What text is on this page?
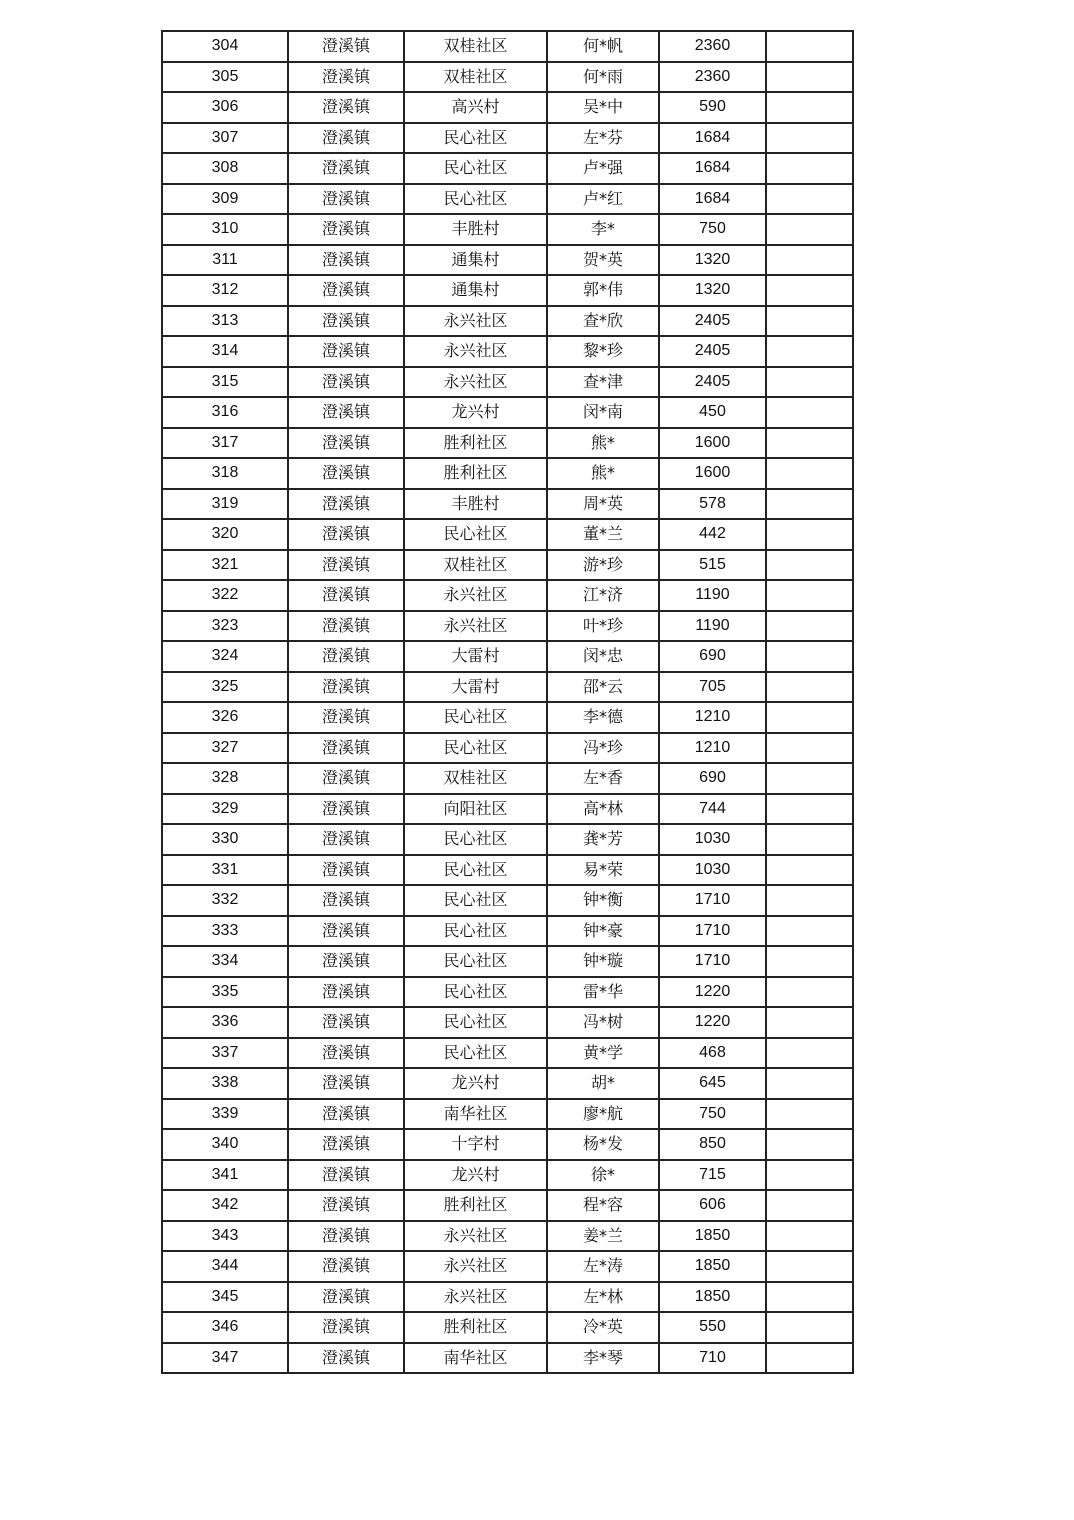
304	澄溪镇	双桂社区	何*帆	2360	
305	澄溪镇	双桂社区	何*雨	2360	
306	澄溪镇	高兴村	吴*中	590	
307	澄溪镇	民心社区	左*芬	1684	
308	澄溪镇	民心社区	卢*强	1684	
309	澄溪镇	民心社区	卢*红	1684	
310	澄溪镇	丰胜村	李*	750	
311	澄溪镇	通集村	贺*英	1320	
312	澄溪镇	通集村	郭*伟	1320	
313	澄溪镇	永兴社区	查*欣	2405	
314	澄溪镇	永兴社区	黎*珍	2405	
315	澄溪镇	永兴社区	查*津	2405	
316	澄溪镇	龙兴村	闵*南	450	
317	澄溪镇	胜利社区	熊*	1600	
318	澄溪镇	胜利社区	熊*	1600	
319	澄溪镇	丰胜村	周*英	578	
320	澄溪镇	民心社区	董*兰	442	
321	澄溪镇	双桂社区	游*珍	515	
322	澄溪镇	永兴社区	江*济	1190	
323	澄溪镇	永兴社区	叶*珍	1190	
324	澄溪镇	大雷村	闵*忠	690	
325	澄溪镇	大雷村	邵*云	705	
326	澄溪镇	民心社区	李*德	1210	
327	澄溪镇	民心社区	冯*珍	1210	
328	澄溪镇	双桂社区	左*香	690	
329	澄溪镇	向阳社区	高*林	744	
330	澄溪镇	民心社区	龚*芳	1030	
331	澄溪镇	民心社区	易*荣	1030	
332	澄溪镇	民心社区	钟*衡	1710	
333	澄溪镇	民心社区	钟*豪	1710	
334	澄溪镇	民心社区	钟*璇	1710	
335	澄溪镇	民心社区	雷*华	1220	
336	澄溪镇	民心社区	冯*树	1220	
337	澄溪镇	民心社区	黄*学	468	
338	澄溪镇	龙兴村	胡*	645	
339	澄溪镇	南华社区	廖*航	750	
340	澄溪镇	十字村	杨*发	850	
341	澄溪镇	龙兴村	徐*	715	
342	澄溪镇	胜利社区	程*容	606	
343	澄溪镇	永兴社区	姜*兰	1850	
344	澄溪镇	永兴社区	左*涛	1850	
345	澄溪镇	永兴社区	左*林	1850	
346	澄溪镇	胜利社区	冷*英	550	
347	澄溪镇	南华社区	李*琴	710	
